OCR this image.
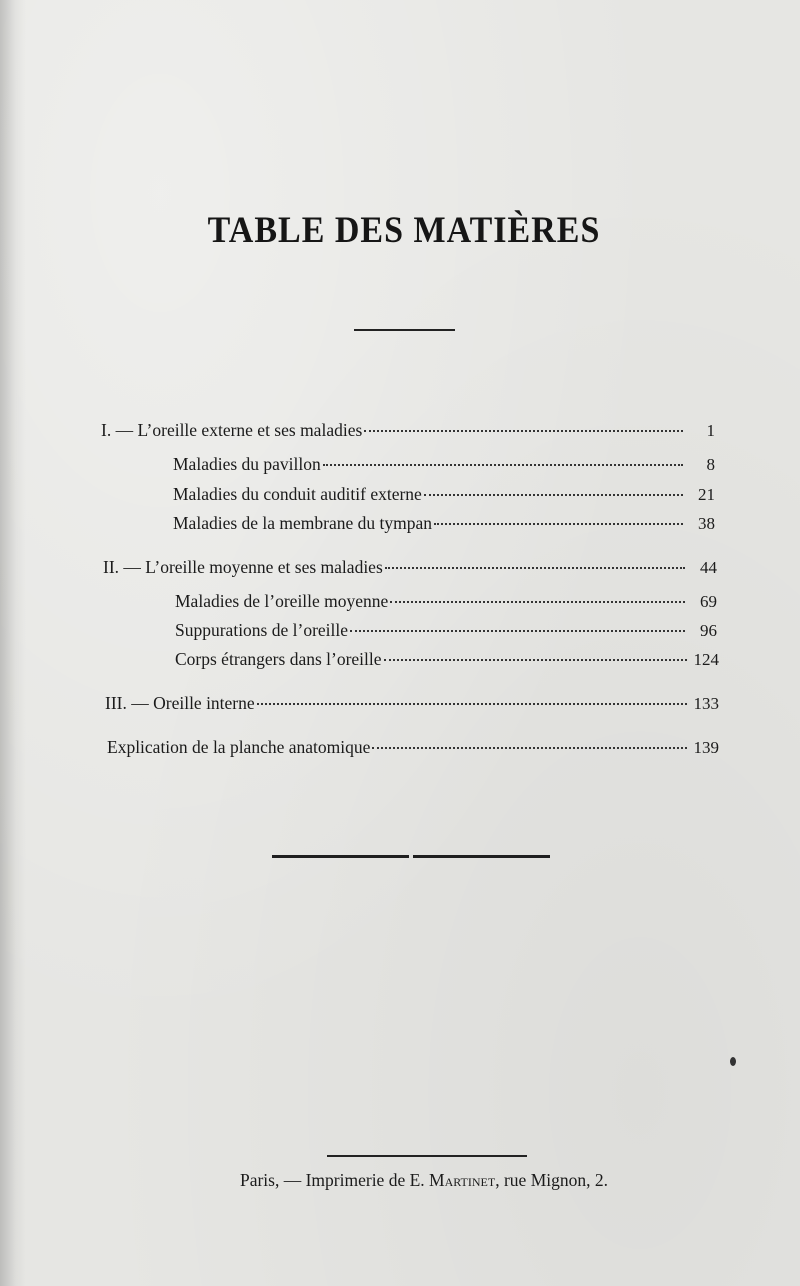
TABLE DES MATIÈRES
I. — L’oreille externe et ses maladies	1
Maladies du pavillon	8
Maladies du conduit auditif externe	21
Maladies de la membrane du tympan	38
II. — L’oreille moyenne et ses maladies	44
Maladies de l’oreille moyenne	69
Suppurations de l’oreille	96
Corps étrangers dans l’oreille	124
III. — Oreille interne	133
Explication de la planche anatomique	139
Paris, — Imprimerie de E. Martinet, rue Mignon, 2.
